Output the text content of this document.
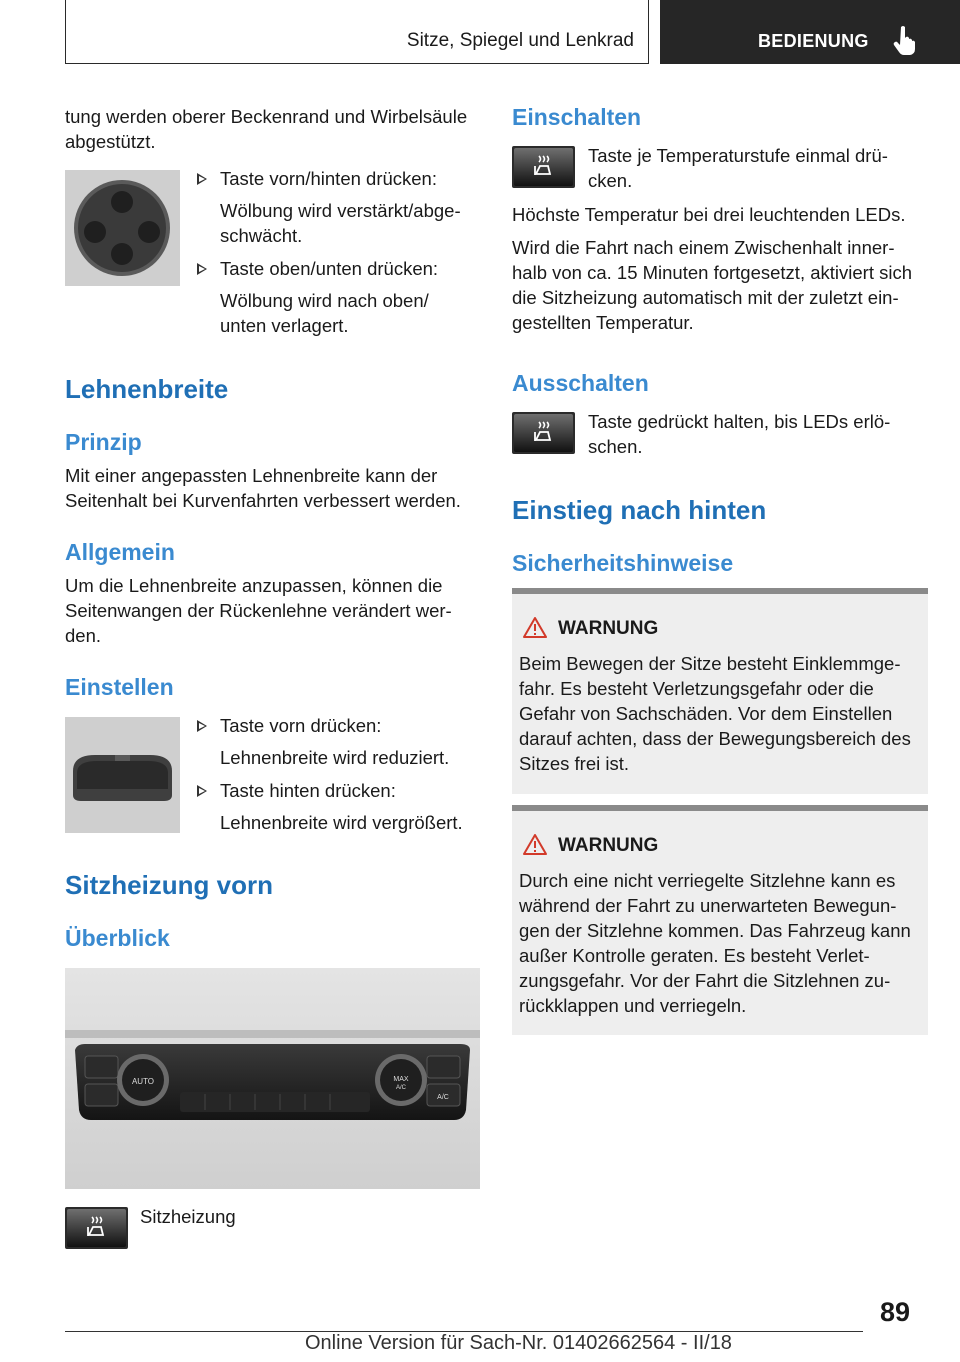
Sitze, Spiegel und Lenkrad	BEDIENUNG

tung werden oberer Beckenrand und Wirbelsäule abgestützt.

Taste vorn/hinten drücken:
Wölbung wird verstärkt/abge-schwächt.
Taste oben/unten drücken:
Wölbung wird nach oben/ unten verlagert.
Lehnenbreite
Prinzip

Mit einer angepassten Lehnenbreite kann der Seitenhalt bei Kurvenfahrten verbessert werden.

Allgemein

Um die Lehnenbreite anzupassen, können die Seitenwangen der Rückenlehne verändert wer-den.

Einstellen
Taste vorn drücken:
Lehnenbreite wird reduziert.
Taste hinten drücken:
Lehnenbreite wird vergrößert.
Sitzheizung vorn
Überblick
AUTO	MAX
A/C
A/C
Sitzheizung
Einschalten

Taste je Temperaturstufe einmal drü-cken.

Höchste Temperatur bei drei leuchtenden LEDs.

Wird die Fahrt nach einem Zwischenhalt inner-halb von ca. 15 Minuten fortgesetzt, aktiviert sich die Sitzheizung automatisch mit der zuletzt ein-gestellten Temperatur.

Ausschalten

Taste gedrückt halten, bis LEDs erlö-schen.

Einstieg nach hinten
Sicherheitshinweise
WARNUNG

Beim Bewegen der Sitze besteht Einklemmge-fahr. Es besteht Verletzungsgefahr oder die Gefahr von Sachschäden. Vor dem Einstellen darauf achten, dass der Bewegungsbereich des Sitzes frei ist.

WARNUNG

Durch eine nicht verriegelte Sitzlehne kann es während der Fahrt zu unerwarteten Bewegun-gen der Sitzlehne kommen. Das Fahrzeug kann außer Kontrolle geraten. Es besteht Verlet-zungsgefahr. Vor der Fahrt die Sitzlehnen zu-rückklappen und verriegeln.

89
Online Version für Sach-Nr. 01402662564 - II/18
